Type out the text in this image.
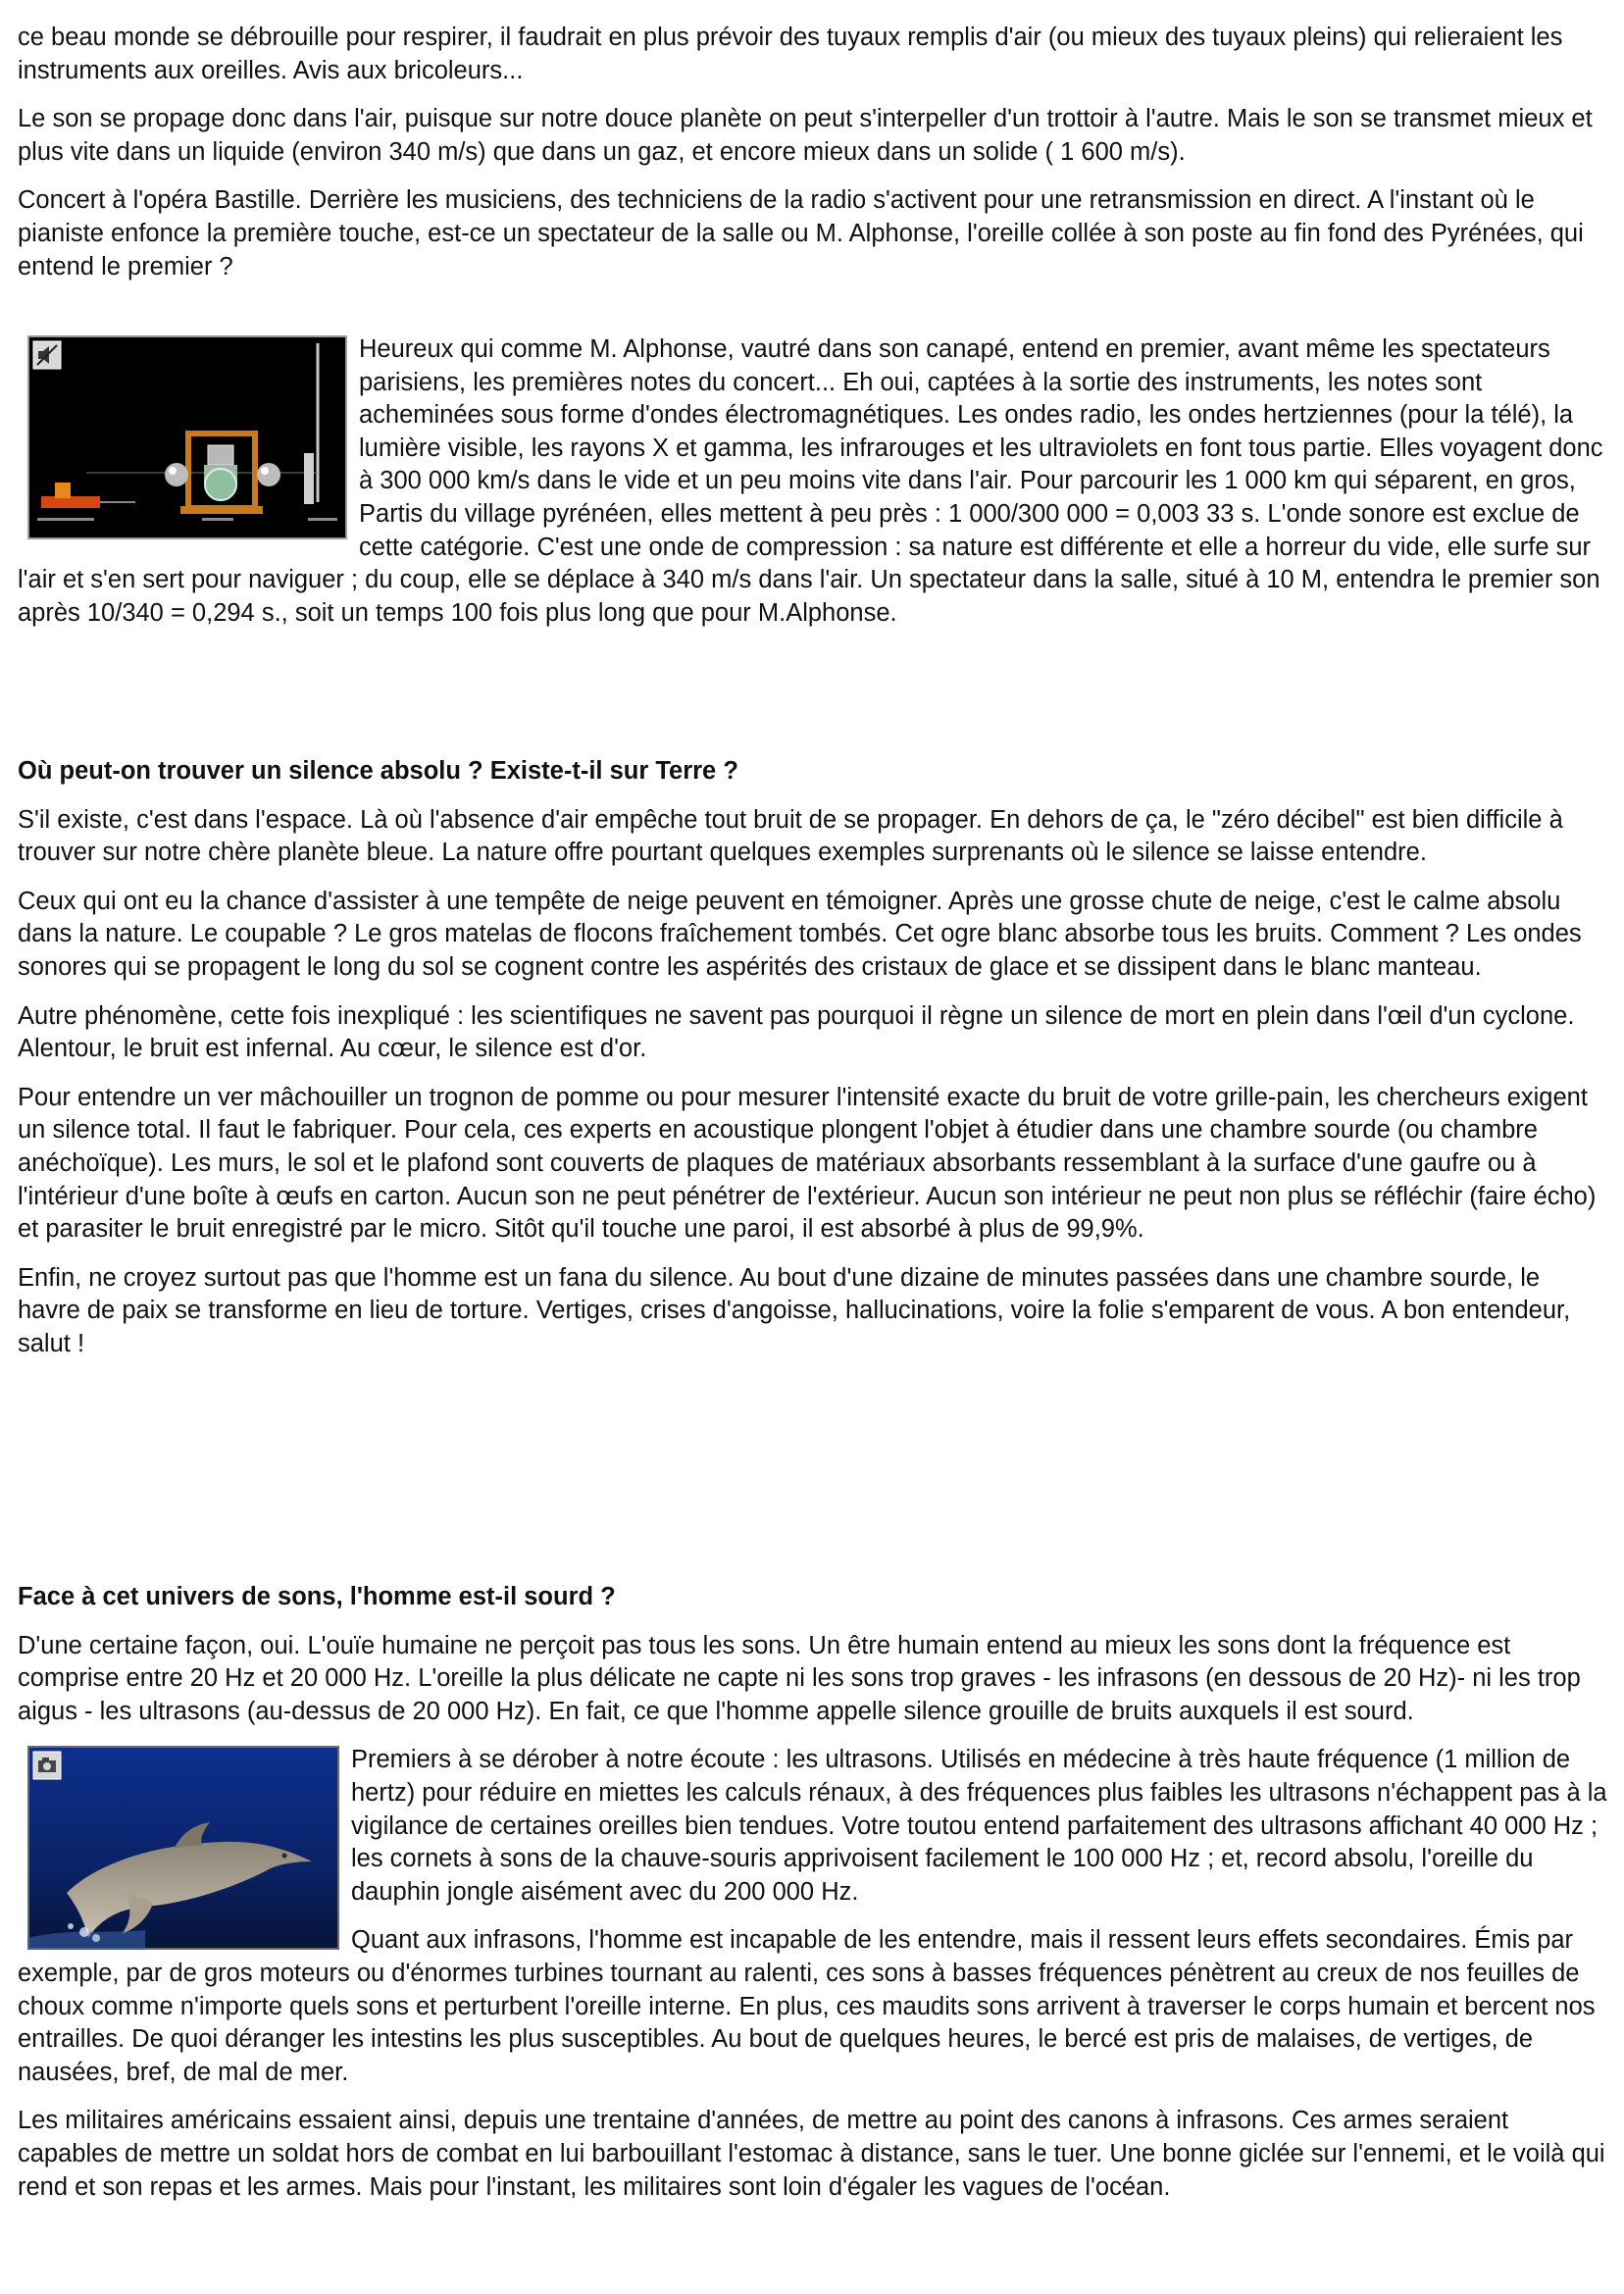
ce beau monde se débrouille pour respirer, il faudrait en plus prévoir des tuyaux remplis d'air (ou mieux des tuyaux pleins) qui relieraient les instruments aux oreilles. Avis aux bricoleurs...

Le son se propage donc dans l'air, puisque sur notre douce planète on peut s'interpeller d'un trottoir à l'autre. Mais le son se transmet mieux et plus vite dans un liquide (environ 340 m/s) que dans un gaz, et encore mieux dans un solide ( 1 600 m/s).

Concert à l'opéra Bastille. Derrière les musiciens, des techniciens de la radio s'activent pour une retransmission en direct. A l'instant où le pianiste enfonce la première touche, est-ce un spectateur de la salle ou M. Alphonse, l'oreille collée à son poste au fin fond des Pyrénées, qui entend le premier ?

Heureux qui comme M. Alphonse, vautré dans son canapé, entend en premier, avant même les spectateurs parisiens, les premières notes du concert... Eh oui, captées à la sortie des instruments, les notes sont acheminées sous forme d'ondes électromagnétiques. Les ondes radio, les ondes hertziennes (pour la télé), la lumière visible, les rayons X et gamma, les infrarouges et les ultraviolets en font tous partie. Elles voyagent donc à 300 000 km/s dans le vide et un peu moins vite dans l'air. Pour parcourir les 1 000 km qui séparent, en gros, Partis du village pyrénéen, elles mettent à peu près : 1 000/300 000 = 0,003 33 s. L'onde sonore est exclue de cette catégorie. C'est une onde de compression : sa nature est différente et elle a horreur du vide, elle surfe sur l'air et s'en sert pour naviguer ; du coup, elle se déplace à 340 m/s dans l'air. Un spectateur dans la salle, situé à 10 M, entendra le premier son après 10/340 = 0,294 s., soit un temps 100 fois plus long que pour M.Alphonse.

Où peut-on trouver un silence absolu ? Existe-t-il sur Terre ?

S'il existe, c'est dans l'espace. Là où l'absence d'air empêche tout bruit de se propager. En dehors de ça, le "zéro décibel" est bien difficile à trouver sur notre chère planète bleue. La nature offre pourtant quelques exemples surprenants où le silence se laisse entendre.

Ceux qui ont eu la chance d'assister à une tempête de neige peuvent en témoigner. Après une grosse chute de neige, c'est le calme absolu dans la nature. Le coupable ? Le gros matelas de flocons fraîchement tombés. Cet ogre blanc absorbe tous les bruits. Comment ? Les ondes sonores qui se propagent le long du sol se cognent contre les aspérités des cristaux de glace et se dissipent dans le blanc manteau.

Autre phénomène, cette fois inexpliqué : les scientifiques ne savent pas pourquoi il règne un silence de mort en plein dans l'œil d'un cyclone. Alentour, le bruit est infernal. Au cœur, le silence est d'or.

Pour entendre un ver mâchouiller un trognon de pomme ou pour mesurer l'intensité exacte du bruit de votre grille-pain, les chercheurs exigent un silence total. Il faut le fabriquer. Pour cela, ces experts en acoustique plongent l'objet à étudier dans une chambre sourde (ou chambre anéchoïque). Les murs, le sol et le plafond sont couverts de plaques de matériaux absorbants ressemblant à la surface d'une gaufre ou à l'intérieur d'une boîte à œufs en carton. Aucun son ne peut pénétrer de l'extérieur. Aucun son intérieur ne peut non plus se réfléchir (faire écho) et parasiter le bruit enregistré par le micro. Sitôt qu'il touche une paroi, il est absorbé à plus de 99,9%.

Enfin, ne croyez surtout pas que l'homme est un fana du silence. Au bout d'une dizaine de minutes passées dans une chambre sourde, le havre de paix se transforme en lieu de torture. Vertiges, crises d'angoisse, hallucinations, voire la folie s'emparent de vous. A bon entendeur, salut !

Face à cet univers de sons, l'homme est-il sourd ?

D'une certaine façon, oui. L'ouïe humaine ne perçoit pas tous les sons. Un être humain entend au mieux les sons dont la fréquence est comprise entre 20 Hz et 20 000 Hz. L'oreille la plus délicate ne capte ni les sons trop graves - les infrasons (en dessous de 20 Hz)- ni les trop aigus - les ultrasons (au-dessus de 20 000 Hz). En fait, ce que l'homme appelle silence grouille de bruits auxquels il est sourd.

Premiers à se dérober à notre écoute : les ultrasons. Utilisés en médecine à très haute fréquence (1 million de hertz) pour réduire en miettes les calculs rénaux, à des fréquences plus faibles les ultrasons n'échappent pas à la vigilance de certaines oreilles bien tendues. Votre toutou entend parfaitement des ultrasons affichant 40 000 Hz ; les cornets à sons de la chauve-souris apprivoisent facilement le 100 000 Hz ; et, record absolu, l'oreille du dauphin jongle aisément avec du 200 000 Hz.

Quant aux infrasons, l'homme est incapable de les entendre, mais il ressent leurs effets secondaires. Émis par exemple, par de gros moteurs ou d'énormes turbines tournant au ralenti, ces sons à basses fréquences pénètrent au creux de nos feuilles de choux comme n'importe quels sons et perturbent l'oreille interne. En plus, ces maudits sons arrivent à traverser le corps humain et bercent nos entrailles. De quoi déranger les intestins les plus susceptibles. Au bout de quelques heures, le bercé est pris de malaises, de vertiges, de nausées, bref, de mal de mer.

Les militaires américains essaient ainsi, depuis une trentaine d'années, de mettre au point des canons à infrasons. Ces armes seraient capables de mettre un soldat hors de combat en lui barbouillant l'estomac à distance, sans le tuer. Une bonne giclée sur l'ennemi, et le voilà qui rend et son repas et les armes. Mais pour l'instant, les militaires sont loin d'égaler les vagues de l'océan.
